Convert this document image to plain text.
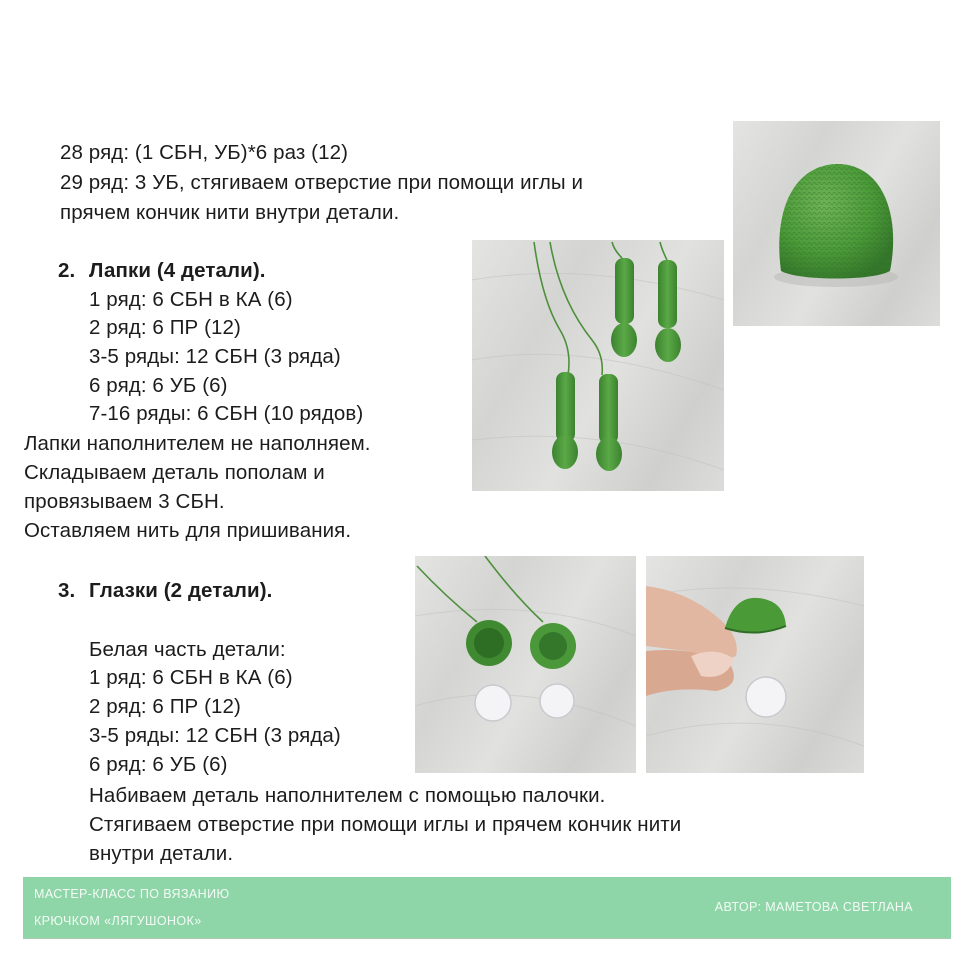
28 ряд: (1 СБН, УБ)*6 раз (12)
29 ряд: 3 УБ, стягиваем отверстие при помощи иглы и
прячем кончик нити внутри детали.
2. Лапки (4 детали).
1 ряд: 6 СБН в КА (6)
2 ряд: 6 ПР (12)
3-5 ряды: 12 СБН (3 ряда)
6 ряд: 6 УБ (6)
7-16 ряды: 6 СБН (10 рядов)
Лапки наполнителем не наполняем.
Складываем деталь пополам и
провязываем 3 СБН.
Оставляем нить для пришивания.
3. Глазки (2 детали).
Белая часть детали:
1 ряд: 6 СБН в КА (6)
2 ряд: 6 ПР (12)
3-5 ряды: 12 СБН (3 ряда)
6 ряд: 6 УБ (6)
Набиваем деталь наполнителем с помощью палочки.
Стягиваем отверстие при помощи иглы и прячем кончик нити
внутри детали.
МАСТЕР-КЛАСС ПО ВЯЗАНИЮ
КРЮЧКОМ «ЛЯГУШОНОК»
АВТОР: МАМЕТОВА СВЕТЛАНА
